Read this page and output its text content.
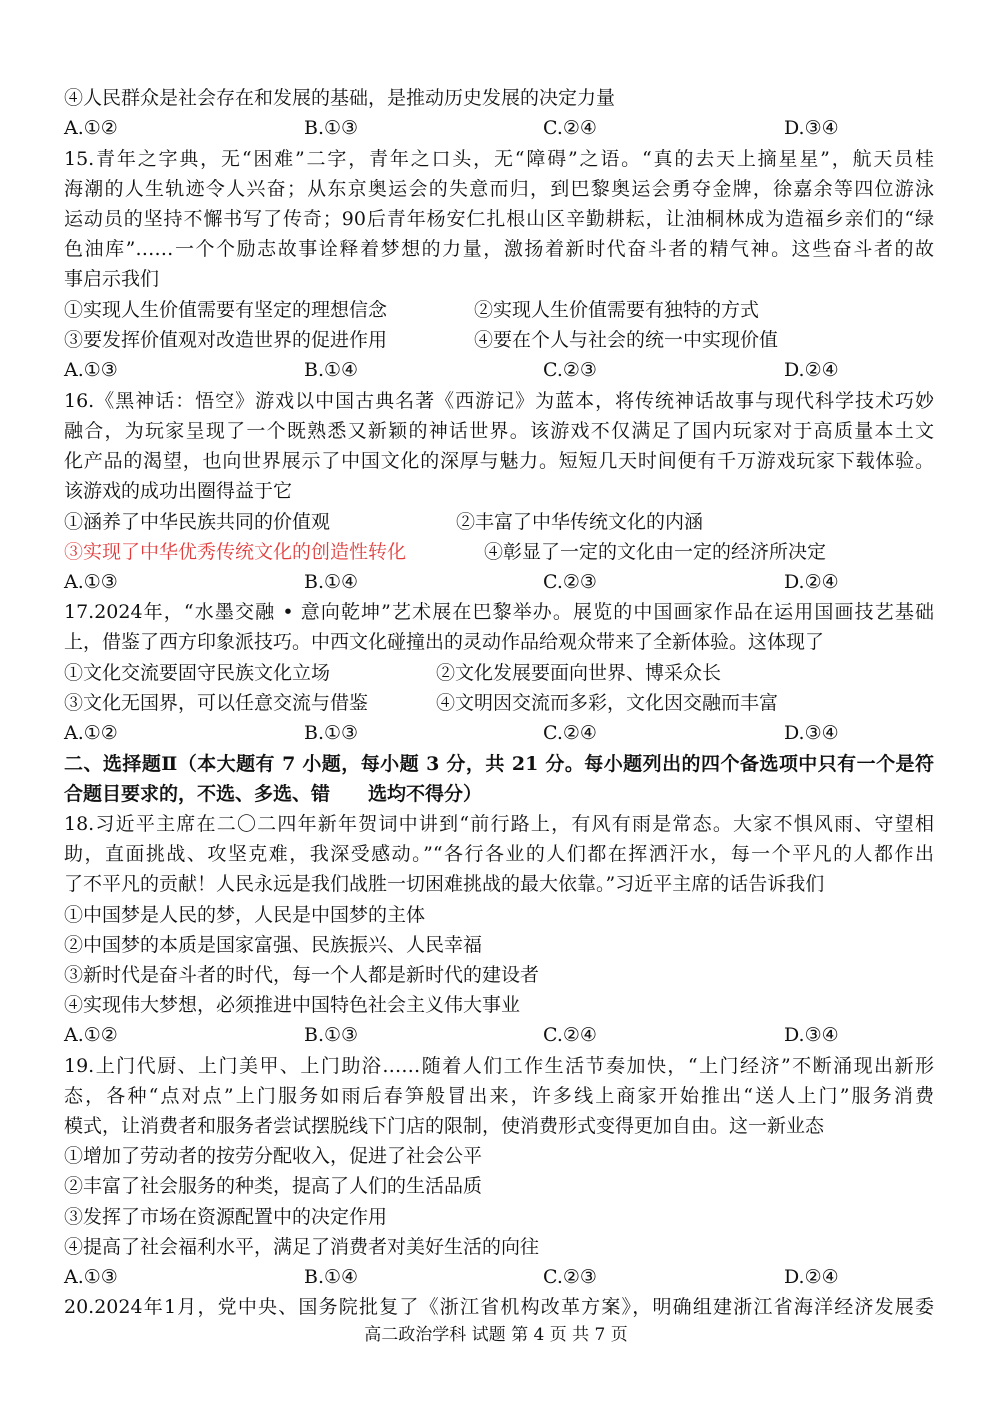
④人民群众是社会存在和发展的基础，是推动历史发展的决定力量
A.①②	B.①③	C.②④	D.③④
15.青年之字典，无“困难”二字，青年之口头，无“障碍”之语。“真的去天上摘星星”，航天员桂
海潮的人生轨迹令人兴奋；从东京奥运会的失意而归，到巴黎奥运会勇夺金牌，徐嘉余等四位游泳
运动员的坚持不懈书写了传奇；90后青年杨安仁扎根山区辛勤耕耘，让油桐林成为造福乡亲们的“绿
色油库”……一个个励志故事诠释着梦想的力量，激扬着新时代奋斗者的精气神。这些奋斗者的故
事启示我们
①实现人生价值需要有坚定的理想信念	②实现人生价值需要有独特的方式
③要发挥价值观对改造世界的促进作用	④要在个人与社会的统一中实现价值
A.①③	B.①④	C.②③	D.②④
16.《黑神话：悟空》游戏以中国古典名著《西游记》为蓝本，将传统神话故事与现代科学技术巧妙
融合，为玩家呈现了一个既熟悉又新颖的神话世界。该游戏不仅满足了国内玩家对于高质量本土文
化产品的渴望，也向世界展示了中国文化的深厚与魅力。短短几天时间便有千万游戏玩家下载体验。
该游戏的成功出圈得益于它
①涵养了中华民族共同的价值观	②丰富了中华传统文化的内涵
③实现了中华优秀传统文化的创造性转化	④彰显了一定的文化由一定的经济所决定
A.①③	B.①④	C.②③	D.②④
17.2024年，“水墨交融 • 意向乾坤”艺术展在巴黎举办。展览的中国画家作品在运用国画技艺基础
上，借鉴了西方印象派技巧。中西文化碰撞出的灵动作品给观众带来了全新体验。这体现了
①文化交流要固守民族文化立场	②文化发展要面向世界、博采众长
③文化无国界，可以任意交流与借鉴	④文明因交流而多彩，文化因交融而丰富
A.①②	B.①③	C.②④	D.③④
二、选择题Ⅱ（本大题有 7 小题，每小题 3 分，共 21 分。每小题列出的四个备选项中只有一个是符
合题目要求的，不选、多选、错　　选均不得分）
18.习近平主席在二〇二四年新年贺词中讲到“前行路上，有风有雨是常态。大家不惧风雨、守望相
助，直面挑战、攻坚克难，我深受感动。”“各行各业的人们都在挥洒汗水，每一个平凡的人都作出
了不平凡的贡献！人民永远是我们战胜一切困难挑战的最大依靠。”习近平主席的话告诉我们
①中国梦是人民的梦，人民是中国梦的主体
②中国梦的本质是国家富强、民族振兴、人民幸福
③新时代是奋斗者的时代，每一个人都是新时代的建设者
④实现伟大梦想，必须推进中国特色社会主义伟大事业
A.①②	B.①③	C.②④	D.③④
19.上门代厨、上门美甲、上门助浴……随着人们工作生活节奏加快，“上门经济”不断涌现出新形
态，各种“点对点”上门服务如雨后春笋般冒出来，许多线上商家开始推出“送人上门”服务消费
模式，让消费者和服务者尝试摆脱线下门店的限制，使消费形式变得更加自由。这一新业态
①增加了劳动者的按劳分配收入，促进了社会公平
②丰富了社会服务的种类，提高了人们的生活品质
③发挥了市场在资源配置中的决定作用
④提高了社会福利水平，满足了消费者对美好生活的向往
A.①③	B.①④	C.②③	D.②④
20.2024年1月，党中央、国务院批复了《浙江省机构改革方案》，明确组建浙江省海洋经济发展委
高二政治学科 试题 第 4 页 共 7 页
